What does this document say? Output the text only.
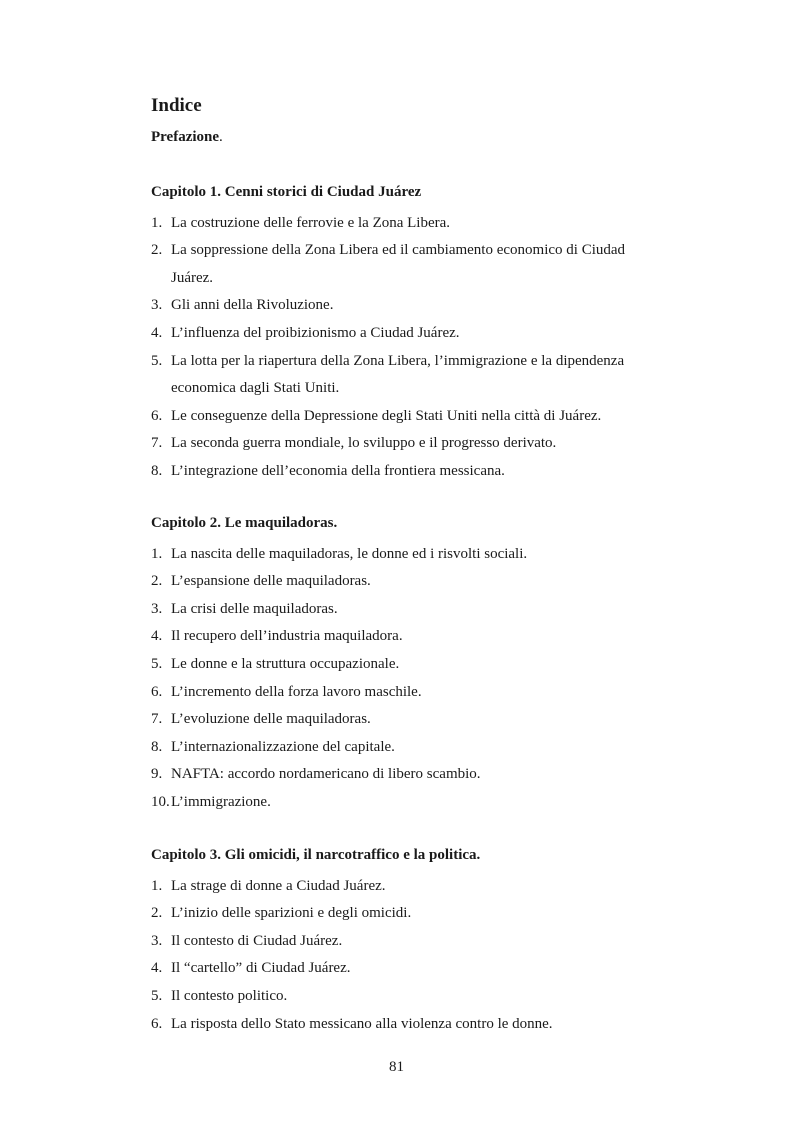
Indice
Prefazione.
Capitolo 1. Cenni storici di Ciudad Juárez
1. La costruzione delle ferrovie e la Zona Libera.
2. La soppressione della Zona Libera ed il cambiamento economico di Ciudad  Juárez.
3. Gli anni della Rivoluzione.
4. L’influenza del proibizionismo a Ciudad Juárez.
5. La lotta per la riapertura della Zona Libera, l’immigrazione e la dipendenza  economica dagli Stati Uniti.
6. Le conseguenze della Depressione degli Stati Uniti nella città di Juárez.
7. La seconda guerra mondiale, lo sviluppo e il progresso derivato.
8. L’integrazione dell’economia della frontiera messicana.
Capitolo 2. Le maquiladoras.
1. La nascita delle maquiladoras, le donne ed i risvolti sociali.
2. L’espansione delle maquiladoras.
3. La crisi delle maquiladoras.
4. Il recupero dell’industria maquiladora.
5. Le donne e la struttura occupazionale.
6. L’incremento della forza lavoro maschile.
7. L’evoluzione delle maquiladoras.
8. L’internazionalizzazione del capitale.
9. NAFTA: accordo nordamericano di libero scambio.
10. L’immigrazione.
Capitolo 3. Gli omicidi, il narcotraffico e la politica.
1. La strage di donne a Ciudad Juárez.
2. L’inizio delle sparizioni e degli omicidi.
3. Il contesto di Ciudad Juárez.
4. Il “cartello” di Ciudad Juárez.
5. Il contesto politico.
6. La risposta dello Stato messicano alla violenza contro le donne.
81
